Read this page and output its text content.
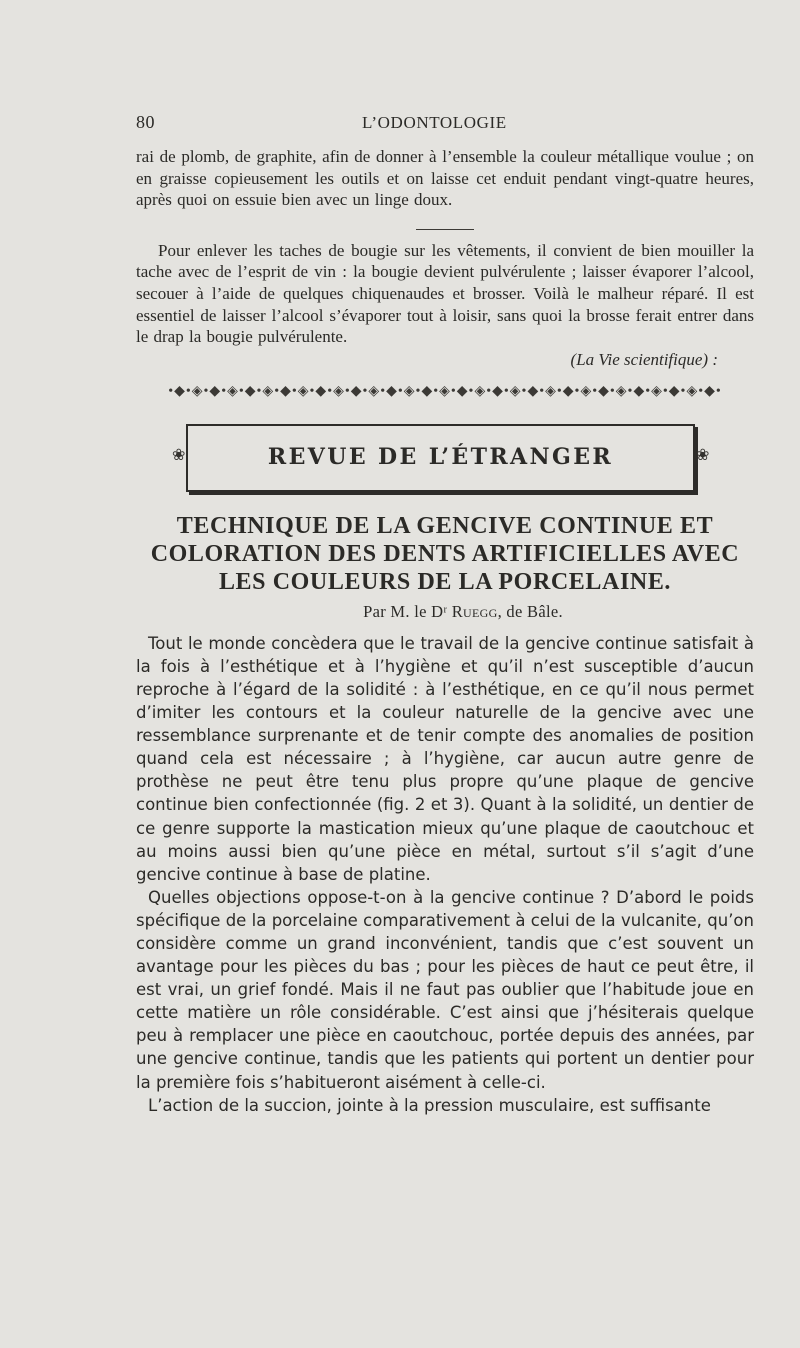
80	L’ODONTOLOGIE

rai de plomb, de graphite, afin de donner à l’ensemble la couleur métallique voulue ; on en graisse copieusement les outils et on laisse cet enduit pendant vingt-quatre heures, après quoi on essuie bien avec un linge doux.

Pour enlever les taches de bougie sur les vêtements, il convient de bien mouiller la tache avec de l’esprit de vin : la bougie devient pulvérulente ; laisser évaporer l’alcool, secouer à l’aide de quelques chiquenaudes et brosser. Voilà le malheur réparé. Il est essentiel de laisser l’alcool s’évaporer tout à loisir, sans quoi la brosse ferait entrer dans le drap la bougie pulvérulente.

(La Vie scientifique) :
•◆•◈•◆•◈•◆•◈•◆•◈•◆•◈•◆•◈•◆•◈•◆•◈•◆•◈•◆•◈•◆•◈•◆•◈•◆•◈•◆•◈•◆•◈•◆•
❀	REVUE DE L’ÉTRANGER	❀
TECHNIQUE DE LA GENCIVE CONTINUE ET COLORATION DES DENTS ARTIFICIELLES AVEC LES COULEURS DE LA PORCELAINE.
Par M. le Dʳ Ruegg, de Bâle.

Tout le monde concèdera que le travail de la gencive continue satisfait à la fois à l’esthétique et à l’hygiène et qu’il n’est susceptible d’aucun reproche à l’égard de la solidité : à l’esthétique, en ce qu’il nous permet d’imiter les contours et la couleur naturelle de la gencive avec une ressemblance surprenante et de tenir compte des anomalies de position quand cela est nécessaire ; à l’hygiène, car aucun autre genre de prothèse ne peut être tenu plus propre qu’une plaque de gencive continue bien confectionnée (fig. 2 et 3). Quant à la solidité, un dentier de ce genre supporte la mastication mieux qu’une plaque de caoutchouc et au moins aussi bien qu’une pièce en métal, surtout s’il s’agit d’une gencive continue à base de platine.

Quelles objections oppose-t-on à la gencive continue ? D’abord le poids spécifique de la porcelaine comparativement à celui de la vulcanite, qu’on considère comme un grand inconvénient, tandis que c’est souvent un avantage pour les pièces du bas ; pour les pièces de haut ce peut être, il est vrai, un grief fondé. Mais il ne faut pas oublier que l’habitude joue en cette matière un rôle considérable. C’est ainsi que j’hésiterais quelque peu à remplacer une pièce en caoutchouc, portée depuis des années, par une gencive continue, tandis que les patients qui portent un dentier pour la première fois s’habitueront aisément à celle-ci.

L’action de la succion, jointe à la pression musculaire, est suffisante
